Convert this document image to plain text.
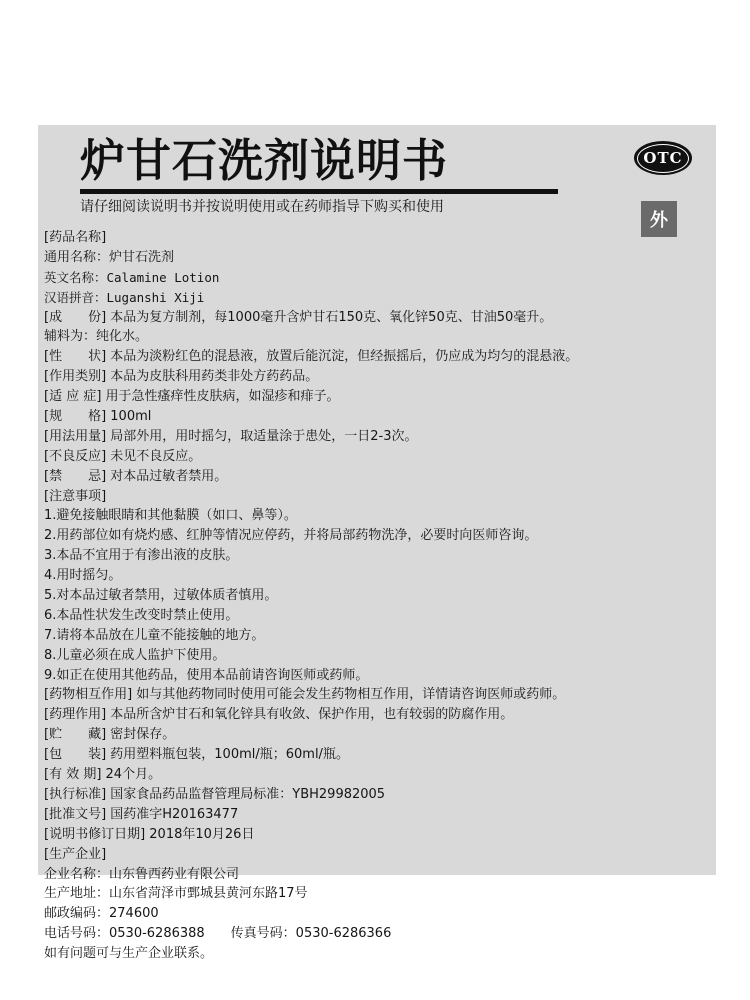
炉甘石洗剂说明书	OTC
外
请仔细阅读说明书并按说明使用或在药师指导下购买和使用
[药品名称]
通用名称：炉甘石洗剂
英文名称：Calamine Lotion
汉语拼音：Luganshi Xiji
[成　　份] 本品为复方制剂，每1000毫升含炉甘石150克、氧化锌50克、甘油50毫升。
辅料为：纯化水。
[性　　状] 本品为淡粉红色的混悬液，放置后能沉淀，但经振摇后，仍应成为均匀的混悬液。
[作用类别] 本品为皮肤科用药类非处方药药品。
[适 应 症] 用于急性瘙痒性皮肤病，如湿疹和痱子。
[规　　格] 100ml
[用法用量] 局部外用，用时摇匀，取适量涂于患处，一日2-3次。
[不良反应] 未见不良反应。
[禁　　忌] 对本品过敏者禁用。
[注意事项]
1.避免接触眼睛和其他黏膜（如口、鼻等）。
2.用药部位如有烧灼感、红肿等情况应停药，并将局部药物洗净，必要时向医师咨询。
3.本品不宜用于有渗出液的皮肤。
4.用时摇匀。
5.对本品过敏者禁用，过敏体质者慎用。
6.本品性状发生改变时禁止使用。
7.请将本品放在儿童不能接触的地方。
8.儿童必须在成人监护下使用。
9.如正在使用其他药品，使用本品前请咨询医师或药师。
[药物相互作用] 如与其他药物同时使用可能会发生药物相互作用，详情请咨询医师或药师。
[药理作用] 本品所含炉甘石和氧化锌具有收敛、保护作用，也有较弱的防腐作用。
[贮　　藏] 密封保存。
[包　　装] 药用塑料瓶包装，100ml/瓶；60ml/瓶。
[有 效 期] 24个月。
[执行标准] 国家食品药品监督管理局标准：YBH29982005
[批准文号] 国药准字H20163477
[说明书修订日期] 2018年10月26日
[生产企业]
企业名称：山东鲁西药业有限公司
生产地址：山东省菏泽市鄄城县黄河东路17号
邮政编码：274600
电话号码：0530-6286388　　传真号码：0530-6286366
如有问题可与生产企业联系。
